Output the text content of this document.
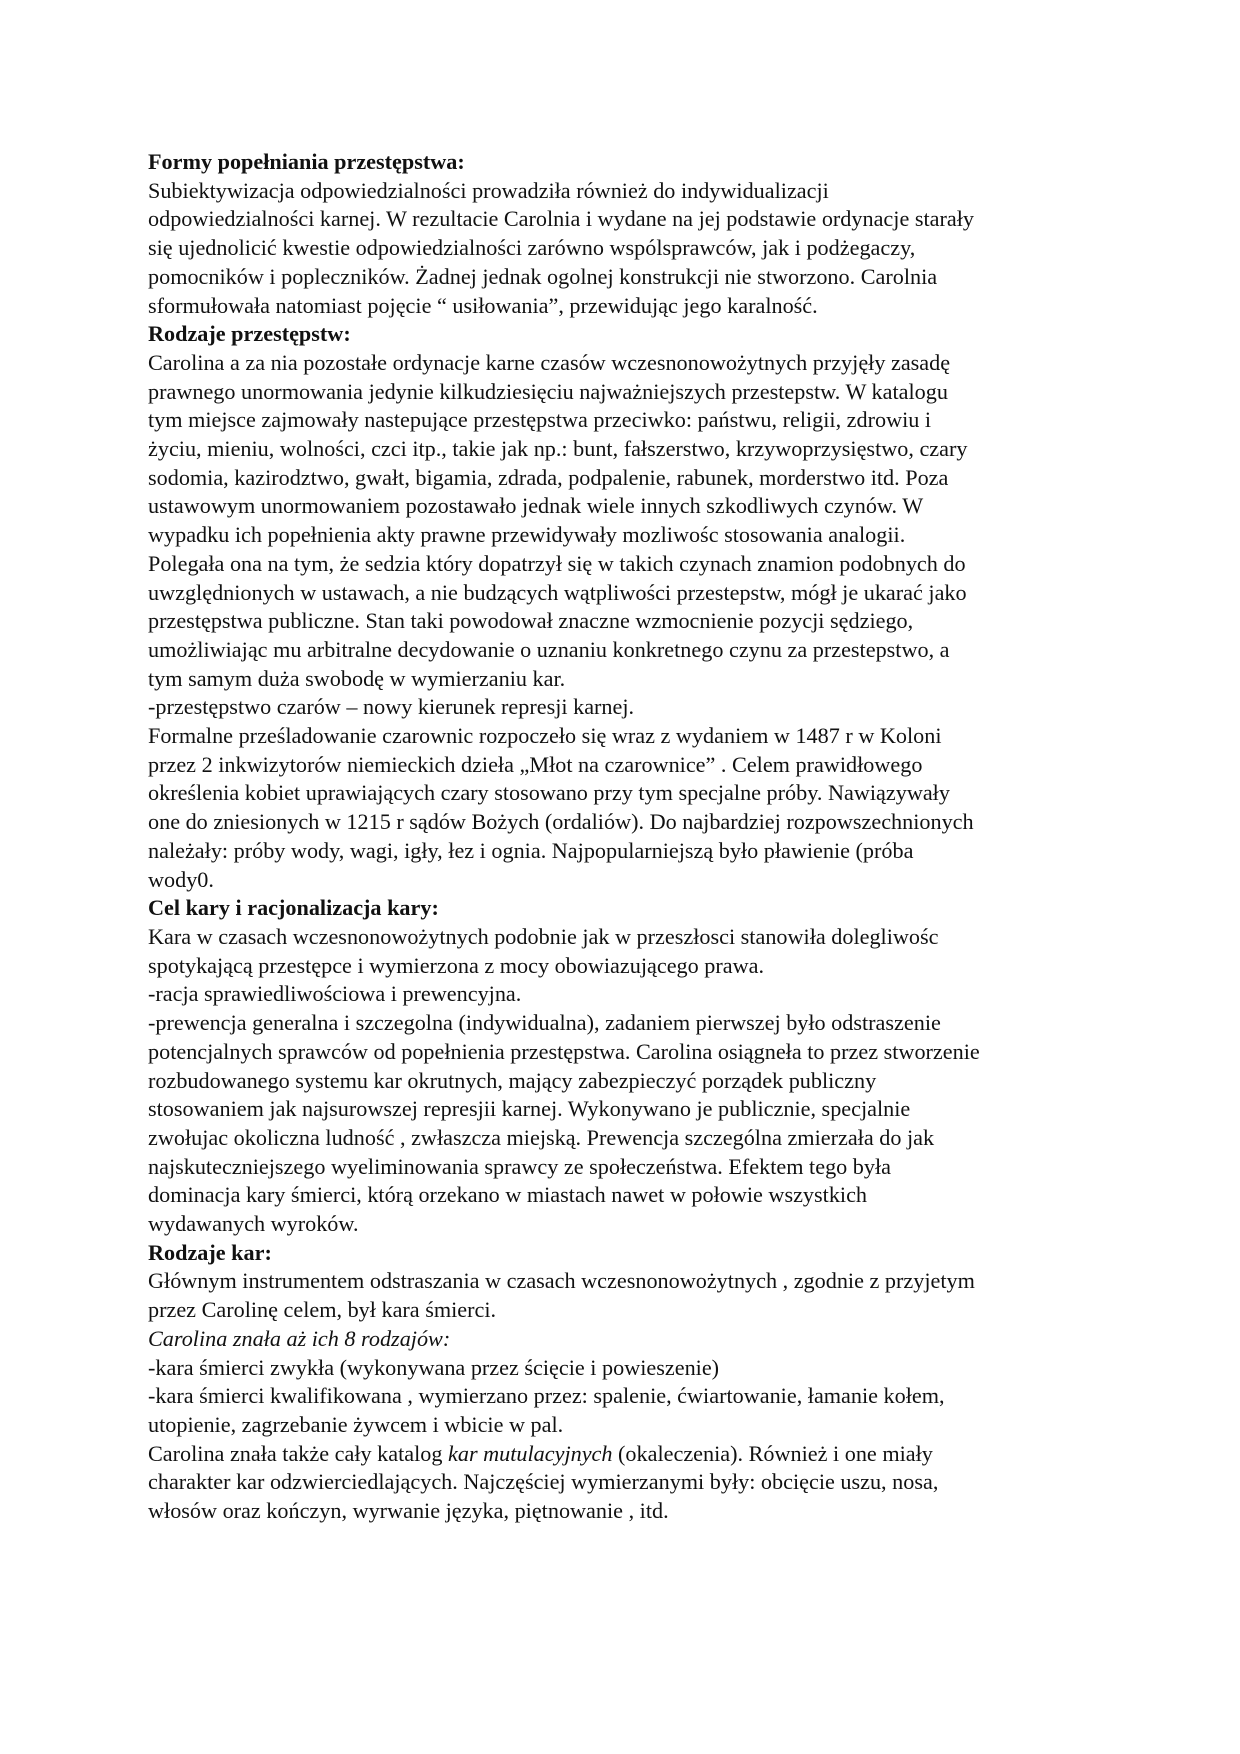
Formy popełniania przestępstwa:
Subiektywizacja odpowiedzialności prowadziła również do indywidualizacji
odpowiedzialności karnej. W rezultacie Carolnia i wydane na jej podstawie ordynacje starały
się ujednolicić kwestie odpowiedzialności zarówno wspólsprawców, jak i podżegaczy,
pomocników i popleczników. Żadnej jednak ogolnej konstrukcji nie stworzono. Carolnia
sformułowała natomiast pojęcie “ usiłowania”, przewidując jego karalność.
Rodzaje przestępstw:
Carolina a za nia pozostałe ordynacje karne czasów wczesnonowożytnych przyjęły zasadę
prawnego unormowania jedynie kilkudziesięciu najważniejszych przestepstw. W katalogu
tym miejsce zajmowały nastepujące przestępstwa przeciwko: państwu, religii, zdrowiu i
życiu, mieniu, wolności, czci itp., takie jak np.: bunt, fałszerstwo, krzywoprzysięstwo, czary
sodomia, kazirodztwo, gwałt, bigamia, zdrada, podpalenie, rabunek, morderstwo itd. Poza
ustawowym unormowaniem pozostawało jednak wiele innych szkodliwych czynów. W
wypadku ich popełnienia akty prawne przewidywały mozliwośc stosowania analogii.
Polegała ona na tym, że sedzia który dopatrzył się w takich czynach znamion podobnych do
uwzględnionych w ustawach, a nie budzących wątpliwości przestepstw, mógł je ukarać jako
przestępstwa publiczne. Stan taki powodował znaczne wzmocnienie pozycji sędziego,
umożliwiając mu arbitralne decydowanie o uznaniu konkretnego czynu za przestepstwo, a
tym samym duża swobodę w wymierzaniu kar.
-przestępstwo czarów – nowy kierunek represji karnej.
Formalne prześladowanie czarownic rozpoczeło się wraz z wydaniem w 1487 r w Koloni
przez 2 inkwizytorów niemieckich dzieła „Młot na czarownice” . Celem prawidłowego
określenia kobiet uprawiających czary stosowano przy tym specjalne próby. Nawiązywały
one do zniesionych w 1215 r sądów Bożych (ordaliów). Do najbardziej rozpowszechnionych
należały: próby wody, wagi, igły, łez i ognia. Najpopularniejszą było pławienie (próba
wody0.
Cel kary i racjonalizacja kary:
Kara w czasach wczesnonowożytnych podobnie jak w przeszłosci stanowiła dolegliwośc
spotykającą przestępce i wymierzona z mocy obowiazującego prawa.
-racja sprawiedliwościowa i prewencyjna.
-prewencja generalna i szczegolna (indywidualna), zadaniem pierwszej było odstraszenie
potencjalnych sprawców od popełnienia przestępstwa. Carolina osiągneła to przez stworzenie
rozbudowanego systemu kar okrutnych, mający zabezpieczyć porządek publiczny
stosowaniem jak najsurowszej represjii karnej. Wykonywano je publicznie, specjalnie
zwołujac okoliczna ludność , zwłaszcza miejską. Prewencja szczególna zmierzała do jak
najskuteczniejszego wyeliminowania sprawcy ze społeczeństwa. Efektem tego była
dominacja kary śmierci, którą orzekano w miastach nawet w połowie wszystkich
wydawanych wyroków.
Rodzaje kar:
Głównym instrumentem odstraszania w czasach wczesnonowożytnych , zgodnie z przyjetym
przez Carolinę celem, był kara śmierci.
Carolina znała aż ich 8 rodzajów:
-kara śmierci zwykła (wykonywana przez ścięcie i powieszenie)
-kara śmierci kwalifikowana , wymierzano przez: spalenie, ćwiartowanie, łamanie kołem,
utopienie, zagrzebanie żywcem i wbicie w pal.
Carolina znała także cały katalog kar mutulacyjnych (okaleczenia). Również i one miały
charakter kar odzwierciedlających. Najczęściej wymierzanymi były: obcięcie uszu, nosa,
włosów oraz kończyn, wyrwanie języka, piętnowanie , itd.
